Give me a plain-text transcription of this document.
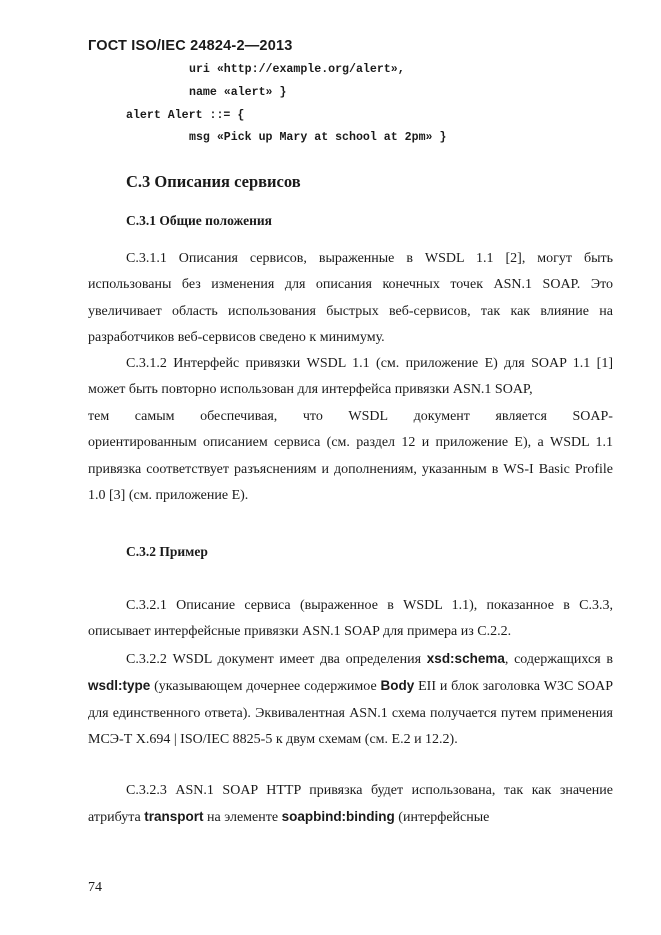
ГОСТ ISO/IEC 24824-2—2013
uri «http://example.org/alert»,
name «alert» }
alert Alert ::= {
msg «Pick up Mary at school at 2pm» }
С.3 Описания сервисов
С.3.1 Общие положения
С.3.1.1 Описания сервисов, выраженные в WSDL 1.1 [2], могут быть использованы без изменения для описания конечных точек ASN.1 SOAP. Это увеличивает область использования быстрых веб-сервисов, так как влияние на разработчиков веб-сервисов сведено к минимуму.
С.3.1.2 Интерфейс привязки WSDL 1.1 (см. приложение Е) для SOAP 1.1 [1] может быть повторно использован для интерфейса привязки ASN.1 SOAP,
тем самым обеспечивая, что WSDL документ является SOAP-
ориентированным описанием сервиса (см. раздел 12 и приложение Е), а WSDL 1.1 привязка соответствует разъяснениям и дополнениям, указанным в WS-I Basic Profile 1.0 [3] (см. приложение Е).
С.3.2 Пример
С.3.2.1 Описание сервиса (выраженное в WSDL 1.1), показанное в С.3.3, описывает интерфейсные привязки ASN.1 SOAP для примера из С.2.2.
С.3.2.2 WSDL документ имеет два определения xsd:schema, содержащихся в wsdl:type (указывающем дочернее содержимое Body EII и блок заголовка W3C SOAP для единственного ответа). Эквивалентная ASN.1 схема получается путем применения МСЭ-Т X.694 | ISO/IEC 8825-5 к двум схемам (см. Е.2 и 12.2).
С.3.2.3 ASN.1 SOAP HTTP привязка будет использована, так как значение атрибута transport на элементе soapbind:binding (интерфейсные
74
